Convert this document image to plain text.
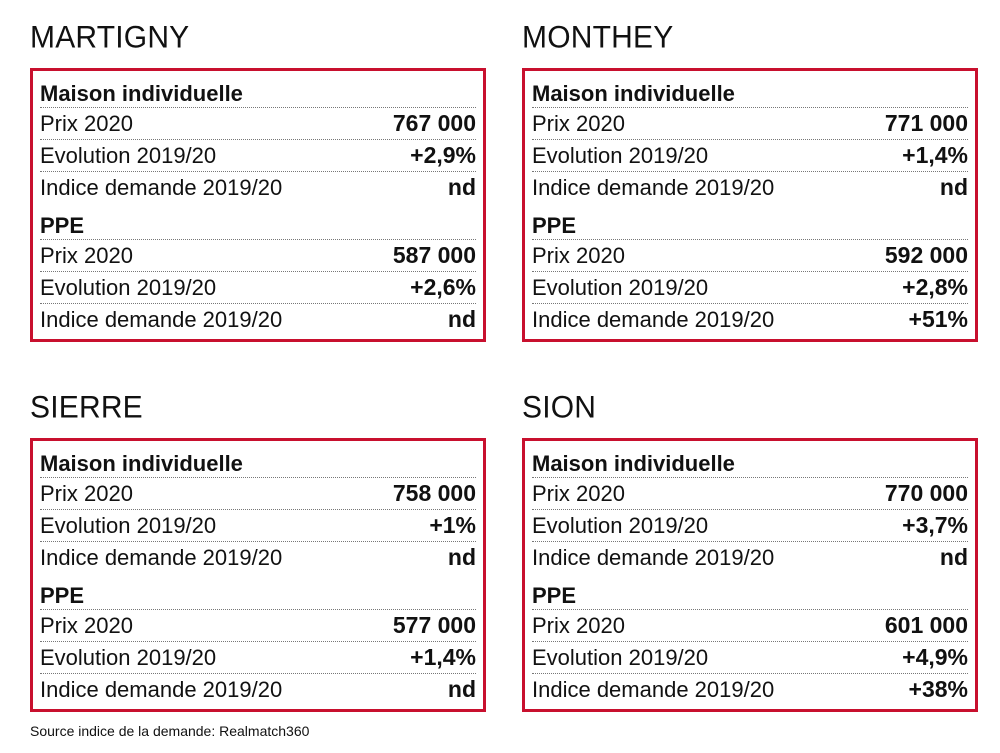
MARTIGNY
Maison individuelle
Prix 2020	767 000
Evolution 2019/20	+2,9%
Indice demande 2019/20	nd
PPE
Prix 2020	587 000
Evolution 2019/20	+2,6%
Indice demande 2019/20	nd
MONTHEY
Maison individuelle
Prix 2020	771 000
Evolution 2019/20	+1,4%
Indice demande 2019/20	nd
PPE
Prix 2020	592 000
Evolution 2019/20	+2,8%
Indice demande 2019/20	+51%
SIERRE
Maison individuelle
Prix 2020	758 000
Evolution 2019/20	+1%
Indice demande 2019/20	nd
PPE
Prix 2020	577 000
Evolution 2019/20	+1,4%
Indice demande 2019/20	nd
SION
Maison individuelle
Prix 2020	770 000
Evolution 2019/20	+3,7%
Indice demande 2019/20	nd
PPE
Prix 2020	601 000
Evolution 2019/20	+4,9%
Indice demande 2019/20	+38%
Source indice de la demande: Realmatch360
